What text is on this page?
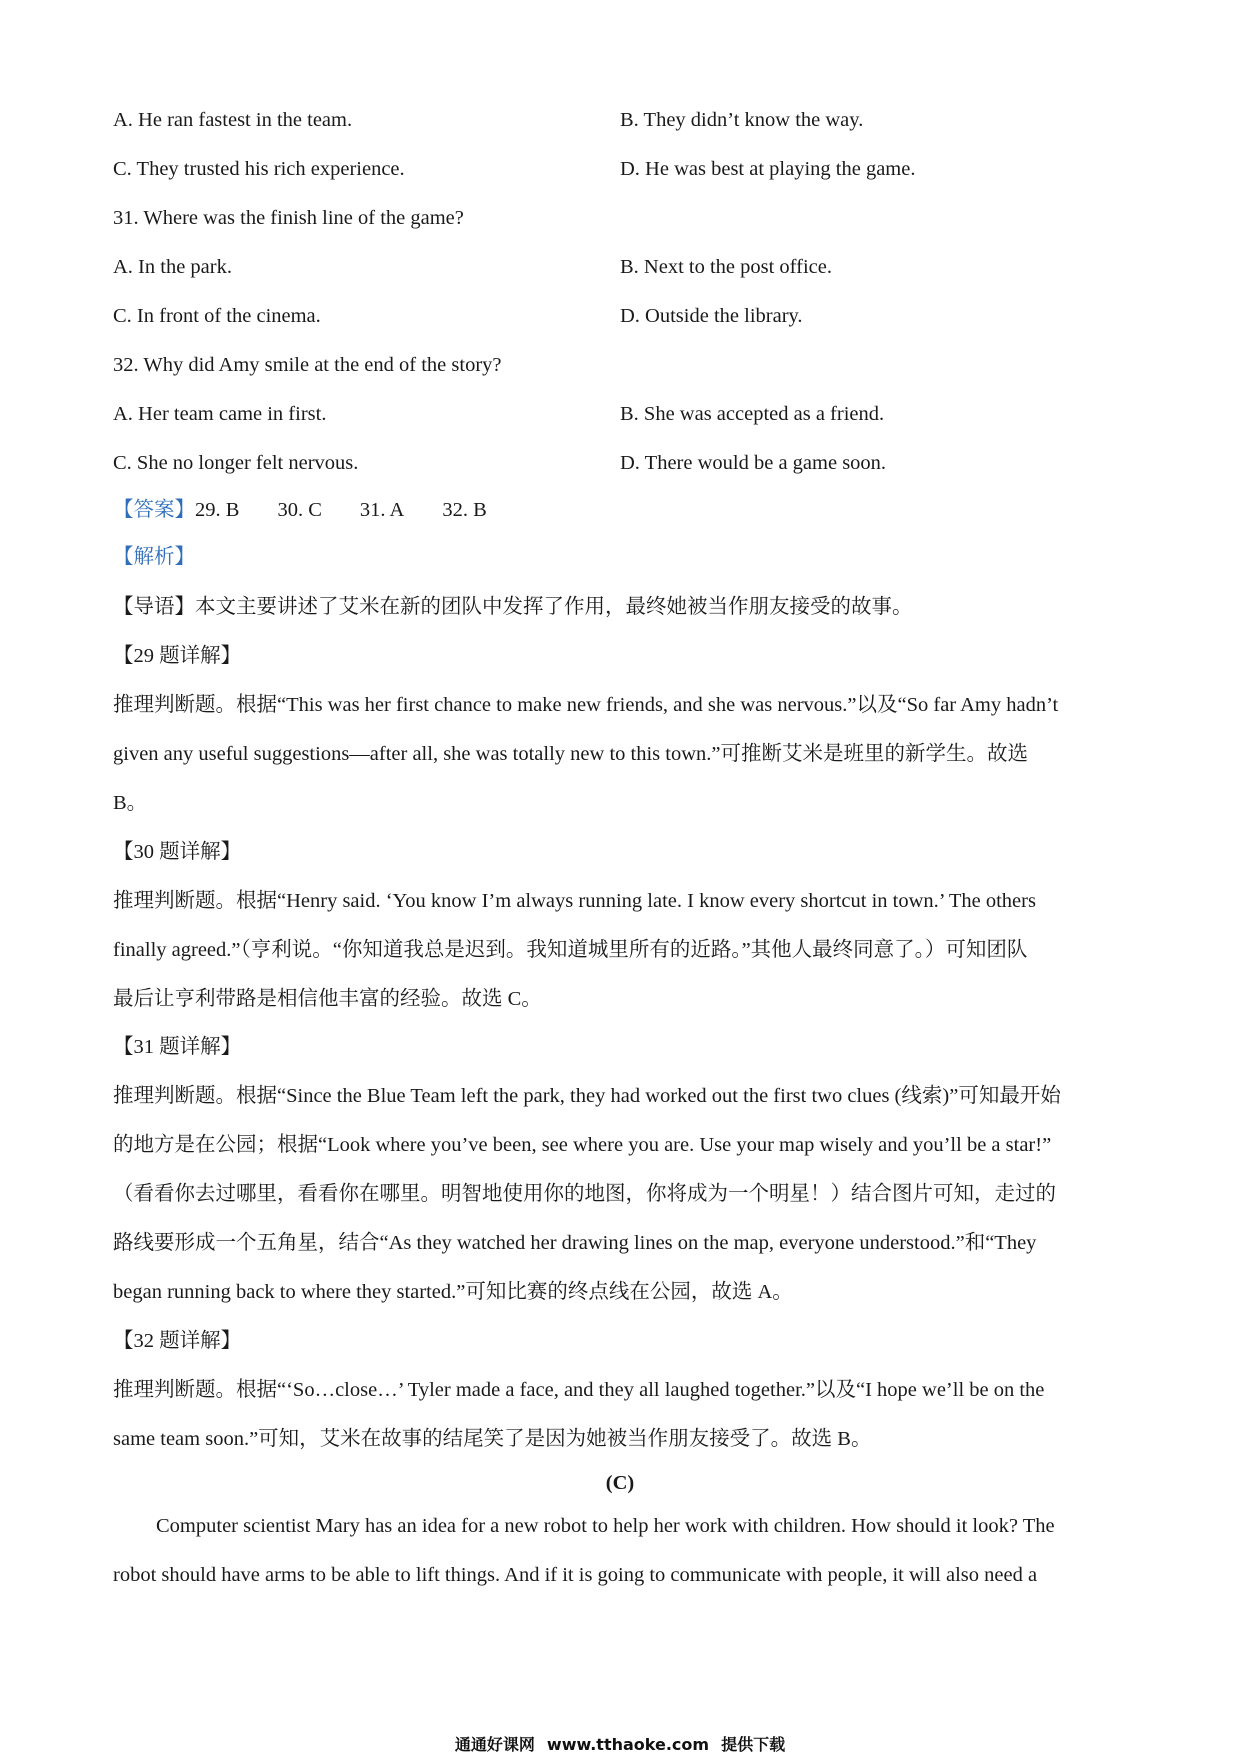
A. He ran fastest in the team.	B. They didn’t know the way.
C. They trusted his rich experience.	D. He was best at playing the game.
31. Where was the finish line of the game?
A. In the park.	B. Next to the post office.
C. In front of the cinema.	D. Outside the library.
32. Why did Amy smile at the end of the story?
A. Her team came in first.	B. She was accepted as a friend.
C. She no longer felt nervous.	D. There would be a game soon.
【答案】29. B 30. C 31. A 32. B
【解析】
【导语】本文主要讲述了艾米在新的团队中发挥了作用，最终她被当作朋友接受的故事。
【29 题详解】
推理判断题。根据“This was her first chance to make new friends, and she was nervous.”以及“So far Amy hadn’t
given any useful suggestions—after all, she was totally new to this town.”可推断艾米是班里的新学生。故选
B。
【30 题详解】
推理判断题。根据“Henry said. ‘You know I’m always running late. I know every shortcut in town.’ The others
finally agreed.”（亨利说。“你知道我总是迟到。我知道城里所有的近路。”其他人最终同意了。）可知团队
最后让亨利带路是相信他丰富的经验。故选 C。
【31 题详解】
推理判断题。根据“Since the Blue Team left the park, they had worked out the first two clues (线索)”可知最开始
的地方是在公园；根据“Look where you’ve been, see where you are. Use your map wisely and you’ll be a star!”
（看看你去过哪里，看看你在哪里。明智地使用你的地图，你将成为一个明星！）结合图片可知，走过的
路线要形成一个五角星，结合“As they watched her drawing lines on the map, everyone understood.”和“They
began running back to where they started.”可知比赛的终点线在公园，故选 A。
【32 题详解】
推理判断题。根据“‘So…close…’ Tyler made a face, and they all laughed together.”以及“I hope we’ll be on the
same team soon.”可知，艾米在故事的结尾笑了是因为她被当作朋友接受了。故选 B。
(C)
Computer scientist Mary has an idea for a new robot to help her work with children. How should it look? The
robot should have arms to be able to lift things. And if it is going to communicate with people, it will also need a
通通好课网 www.tthaoke.com 提供下载
